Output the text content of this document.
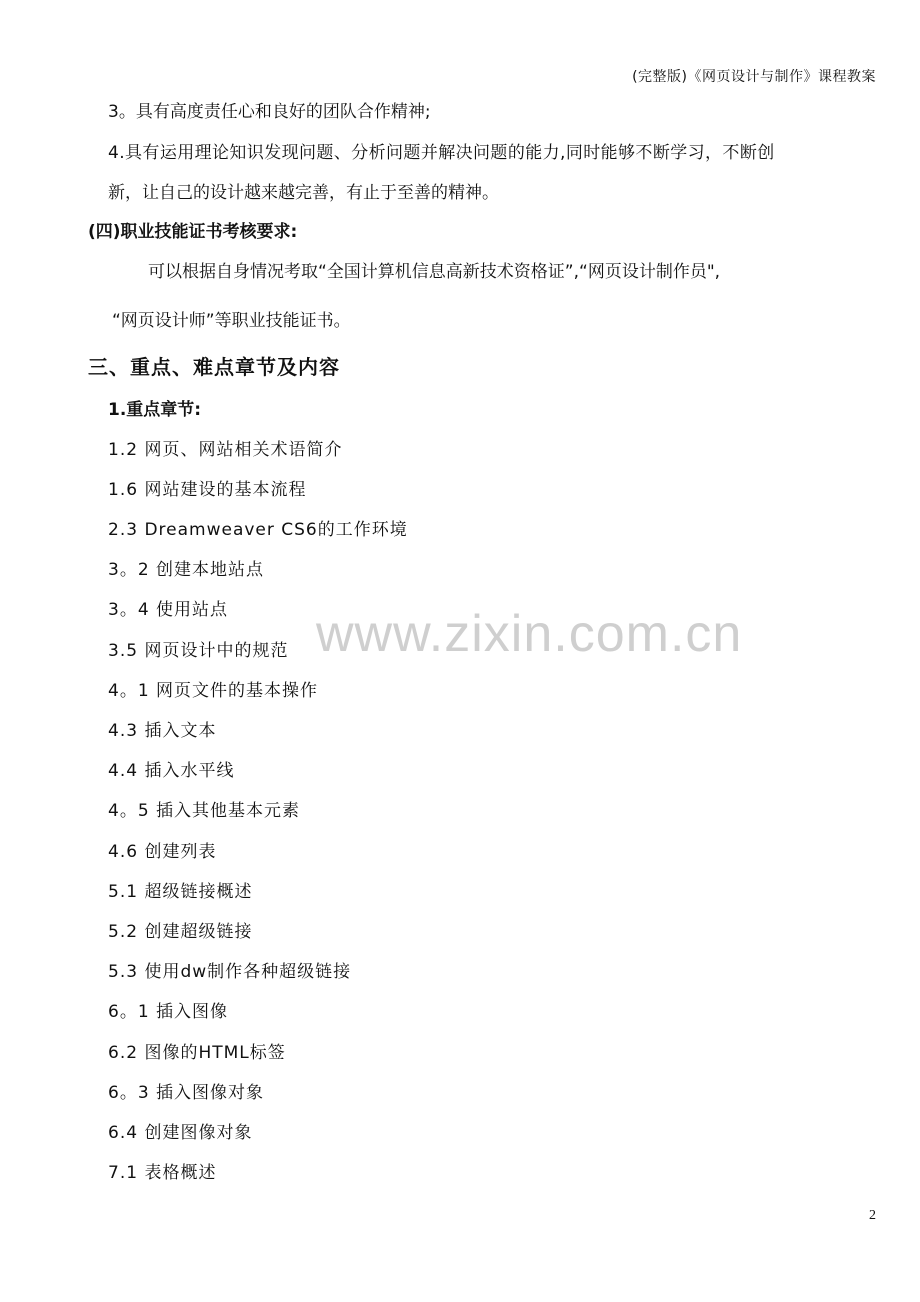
(完整版)《网页设计与制作》课程教案
3。具有高度责任心和良好的团队合作精神;
4.具有运用理论知识发现问题、分析问题并解决问题的能力,同时能够不断学习，不断创
新，让自己的设计越来越完善，有止于至善的精神。
(四)职业技能证书考核要求:
可以根据自身情况考取“全国计算机信息高新技术资格证”,“网页设计制作员",
“网页设计师”等职业技能证书。
三、重点、难点章节及内容
1.重点章节:
1.2 网页、网站相关术语简介
1.6 网站建设的基本流程
2.3 Dreamweaver CS6的工作环境
3。2 创建本地站点
3。4 使用站点
3.5 网页设计中的规范
4。1 网页文件的基本操作
4.3 插入文本
4.4 插入水平线
4。5 插入其他基本元素
4.6 创建列表
5.1 超级链接概述
5.2 创建超级链接
5.3 使用dw制作各种超级链接
6。1 插入图像
6.2 图像的HTML标签
6。3 插入图像对象
6.4 创建图像对象
7.1 表格概述
www.zixin.com.cn
2
